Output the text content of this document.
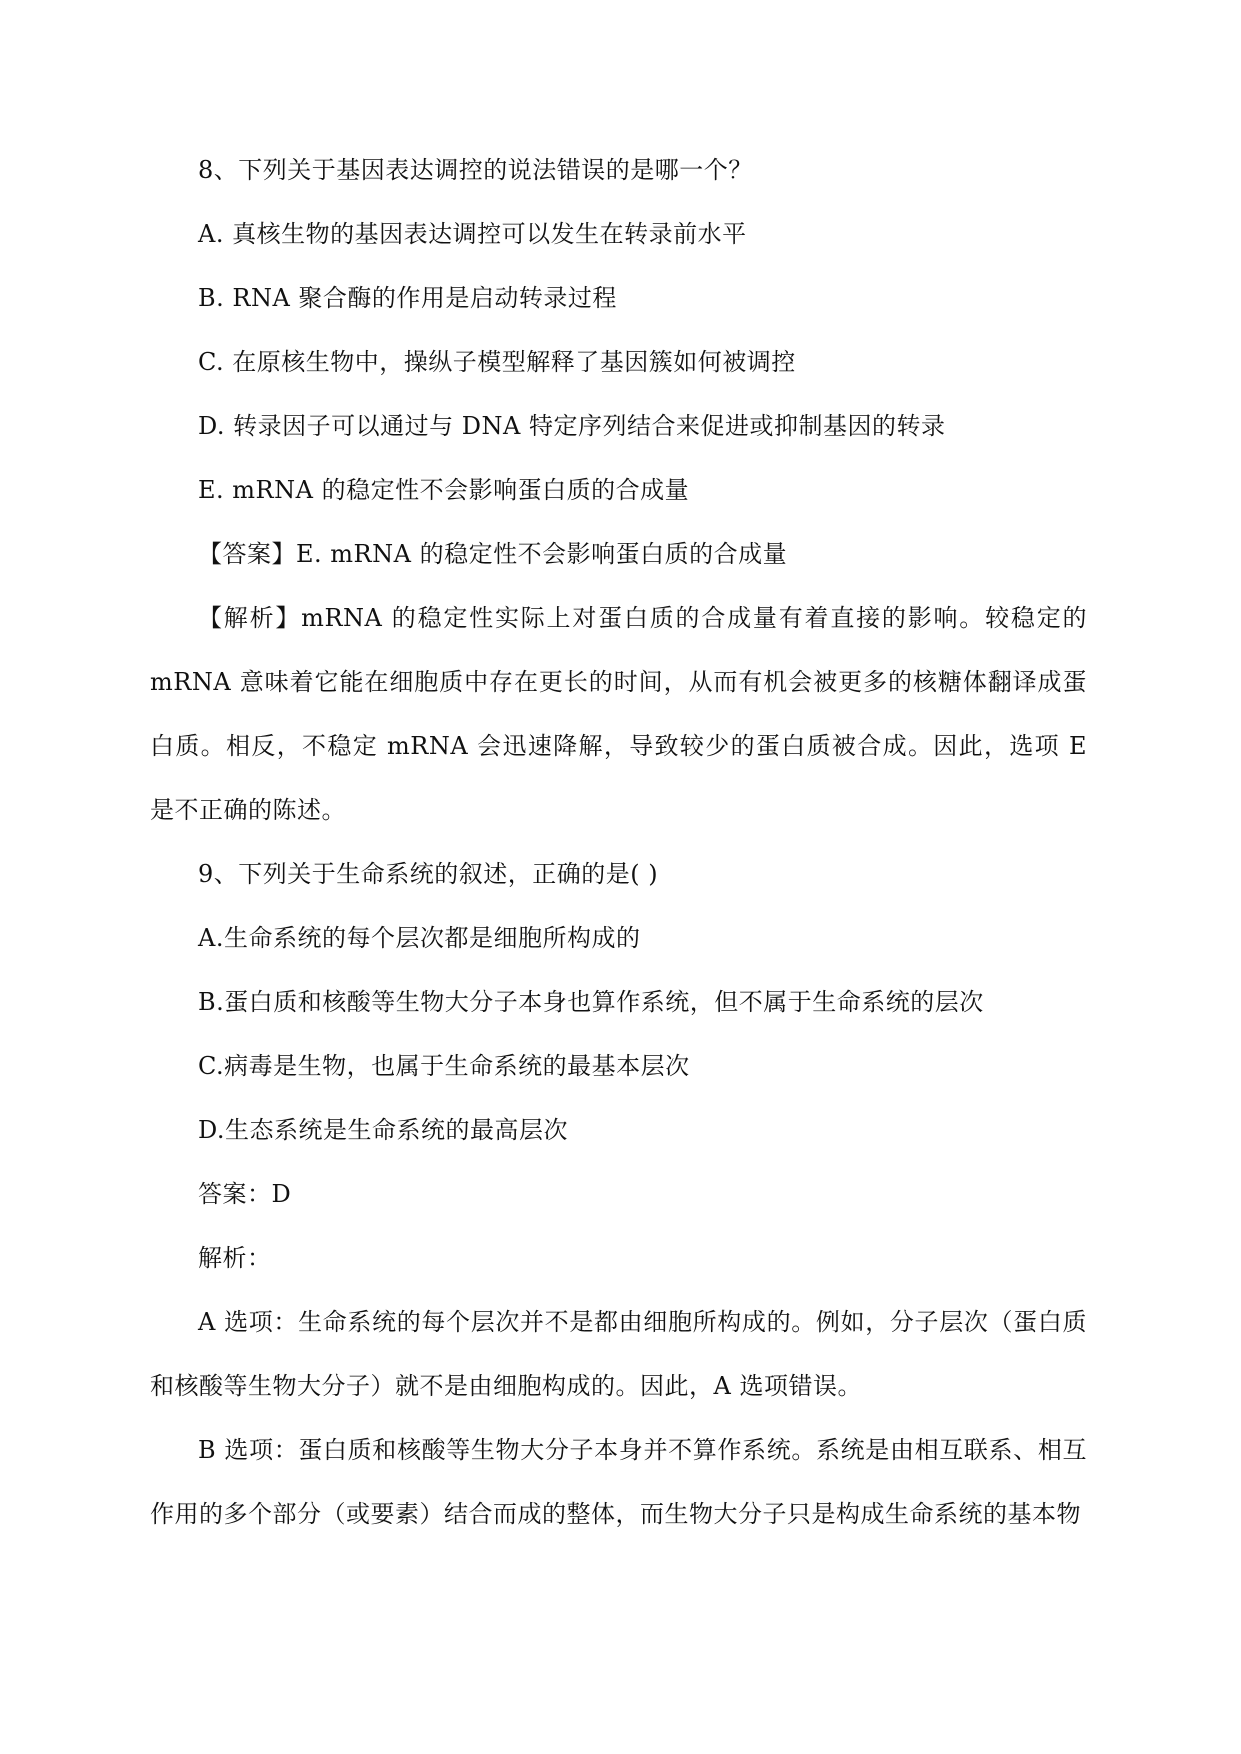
8、下列关于基因表达调控的说法错误的是哪一个？
A. 真核生物的基因表达调控可以发生在转录前水平
B. RNA 聚合酶的作用是启动转录过程
C. 在原核生物中，操纵子模型解释了基因簇如何被调控
D. 转录因子可以通过与 DNA 特定序列结合来促进或抑制基因的转录
E. mRNA 的稳定性不会影响蛋白质的合成量
【答案】E. mRNA 的稳定性不会影响蛋白质的合成量
【解析】mRNA 的稳定性实际上对蛋白质的合成量有着直接的影响。较稳定的 mRNA 意味着它能在细胞质中存在更长的时间，从而有机会被更多的核糖体翻译成蛋白质。相反，不稳定 mRNA 会迅速降解，导致较少的蛋白质被合成。因此，选项 E 是不正确的陈述。
9、下列关于生命系统的叙述，正确的是( )
A.生命系统的每个层次都是细胞所构成的
B.蛋白质和核酸等生物大分子本身也算作系统，但不属于生命系统的层次
C.病毒是生物，也属于生命系统的最基本层次
D.生态系统是生命系统的最高层次
答案：D
解析：
A 选项：生命系统的每个层次并不是都由细胞所构成的。例如，分子层次（蛋白质和核酸等生物大分子）就不是由细胞构成的。因此，A 选项错误。
B 选项：蛋白质和核酸等生物大分子本身并不算作系统。系统是由相互联系、相互作用的多个部分（或要素）结合而成的整体，而生物大分子只是构成生命系统的基本物
